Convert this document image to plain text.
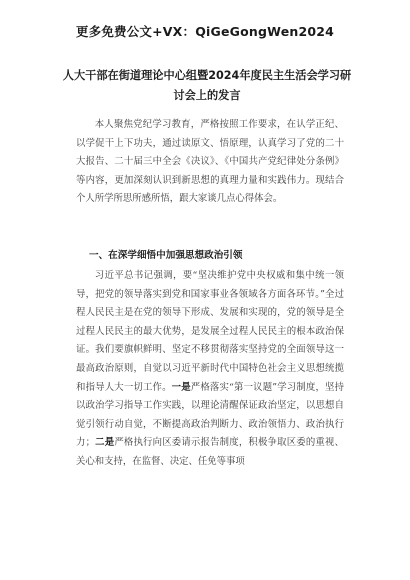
更多免费公文+VX：QiGeGongWen2024
人大干部在街道理论中心组暨2024年度民主生活会学习研讨会上的发言

本人聚焦党纪学习教育，严格按照工作要求，在认学正纪、以学促干上下功夫，通过读原文、悟原理，认真学习了党的二十大报告、二十届三中全会《决议》、《中国共产党纪律处分条例》等内容，更加深刻认识到新思想的真理力量和实践伟力。现结合个人所学所思所感所悟，跟大家谈几点心得体会。

一、在深学细悟中加强思想政治引领

习近平总书记强调，要“坚决维护党中央权威和集中统一领导，把党的领导落实到党和国家事业各领域各方面各环节。”全过程人民民主是在党的领导下形成、发展和实现的，党的领导是全过程人民民主的最大优势，是发展全过程人民民主的根本政治保证。我们要旗帜鲜明、坚定不移贯彻落实坚持党的全面领导这一最高政治原则，自觉以习近平新时代中国特色社会主义思想统揽和指导人大一切工作。一是严格落实“第一议题”学习制度，坚持以政治学习指导工作实践，以理论清醒保证政治坚定，以思想自觉引领行动自觉，不断提高政治判断力、政治领悟力、政治执行力；二是严格执行向区委请示报告制度，积极争取区委的重视、关心和支持，在监督、决定、任免等事项
